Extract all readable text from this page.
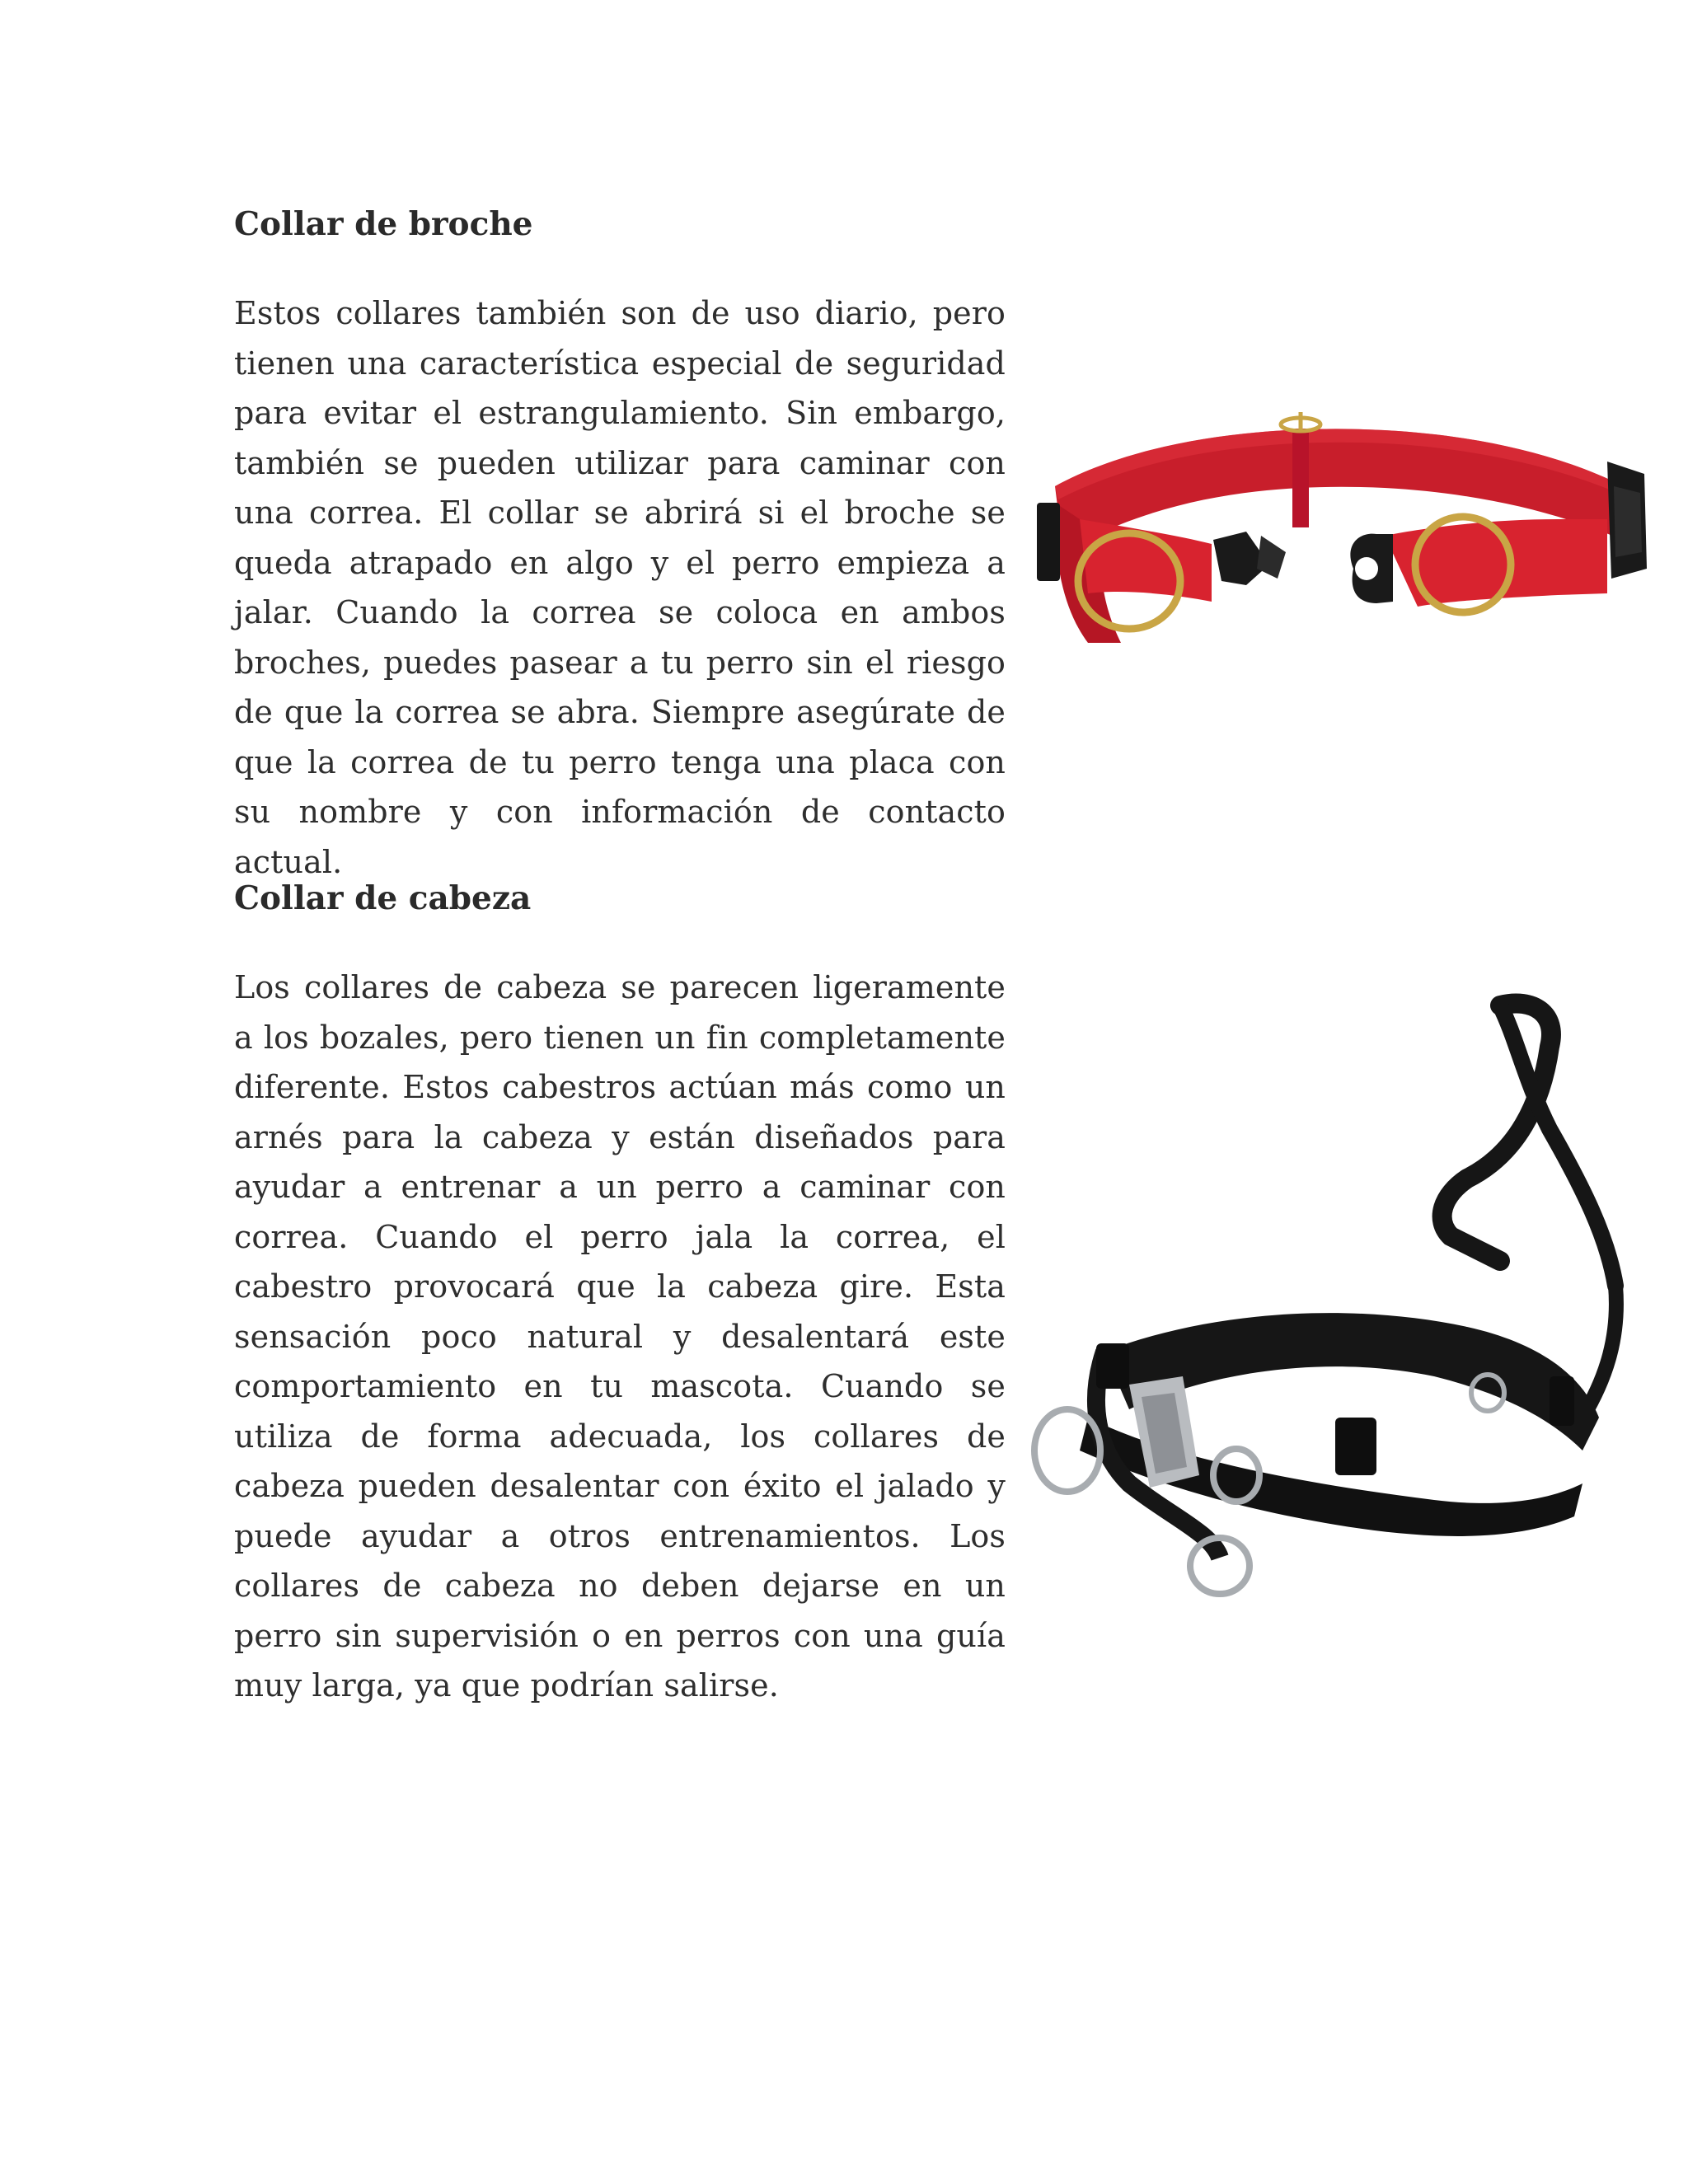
Collar de broche

Estos collares también son de uso diario, pero tienen una característica especial de seguridad para evitar el estrangulamiento. Sin embargo, también se pueden utilizar para caminar con una correa. El collar se abrirá si el broche se queda atrapado en algo y el perro empieza a jalar. Cuando la correa se coloca en ambos broches, puedes pasear a tu perro sin el riesgo de que la correa se abra. Siempre asegúrate de que la correa de tu perro tenga una placa con su nombre y con información de contacto actual.

Collar de cabeza

Los collares de cabeza se parecen ligeramente a los bozales, pero tienen un fin completamente diferente. Estos cabestros actúan más como un arnés para la cabeza y están diseñados para ayudar a entrenar a un perro a caminar con correa. Cuando el perro jala la correa, el cabestro provocará que la cabeza gire. Esta sensación poco natural y desalentará este comportamiento en tu mascota. Cuando se utiliza de forma adecuada, los collares de cabeza pueden desalentar con éxito el jalado y puede ayudar a otros entrenamientos. Los collares de cabeza no deben dejarse en un perro sin supervisión o en perros con una guía muy larga, ya que podrían salirse.
